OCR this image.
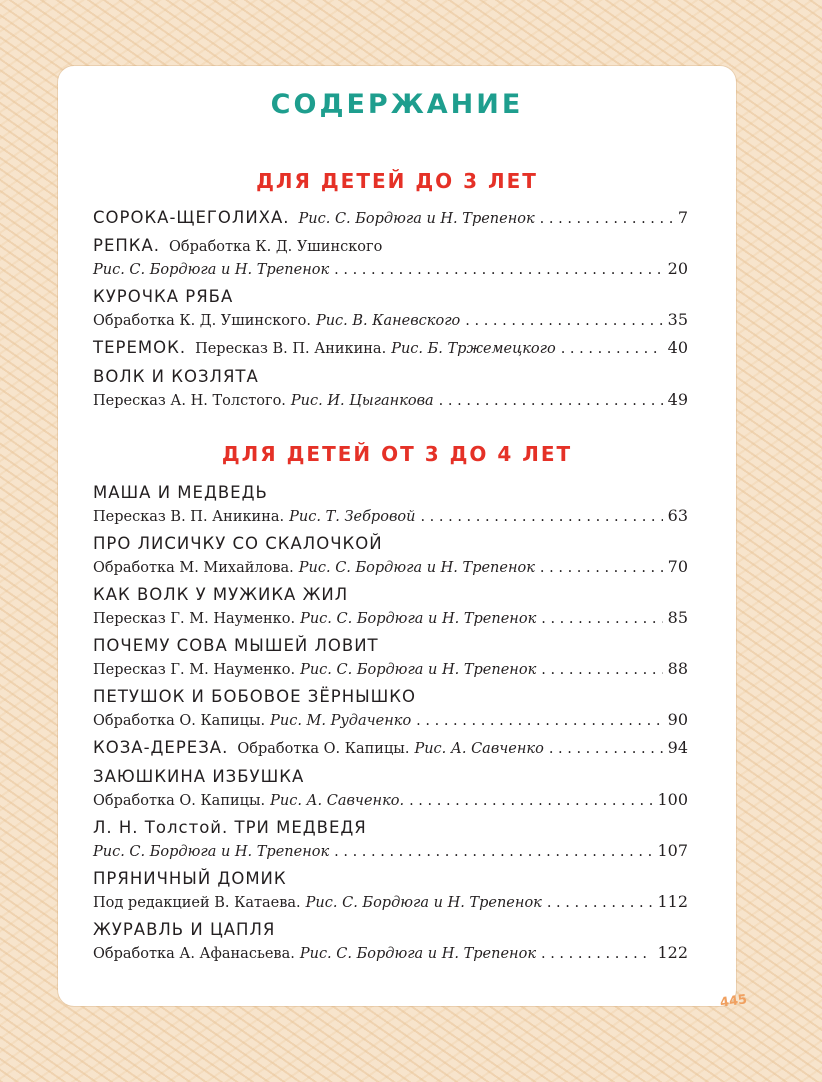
СОДЕРЖАНИЕ
ДЛЯ ДЕТЕЙ ДО 3 ЛЕТ
СОРОКА-ЩЕГОЛИХА. Рис. С. Бордюга и Н. Трепенок . . .	7
РЕПКА. Обработка К. Д. Ушинского
Рис. С. Бордюга и Н. Трепенок . . .	20
КУРОЧКА РЯБА
Обработка К. Д. Ушинского. Рис. В. Каневского . . .	35
ТЕРЕМОК. Пересказ В. П. Аникина. Рис. Б. Тржемецкого . . .	40
ВОЛК И КОЗЛЯТА
Пересказ А. Н. Толстого. Рис. И. Цыганкова . . .	49
ДЛЯ ДЕТЕЙ ОТ 3 ДО 4 ЛЕТ
МАША И МЕДВЕДЬ
Пересказ В. П. Аникина. Рис. Т. Зебровой . . .	63
ПРО ЛИСИЧКУ СО СКАЛОЧКОЙ
Обработка М. Михайлова. Рис. С. Бордюга и Н. Трепенок . . .	70
КАК ВОЛК У МУЖИКА ЖИЛ
Пересказ Г. М. Науменко. Рис. С. Бордюга и Н. Трепенок . . .	85
ПОЧЕМУ СОВА МЫШЕЙ ЛОВИТ
Пересказ Г. М. Науменко. Рис. С. Бордюга и Н. Трепенок . . .	88
ПЕТУШОК И БОБОВОЕ ЗЁРНЫШКО
Обработка О. Капицы. Рис. М. Рудаченко . . .	90
КОЗА-ДЕРЕЗА. Обработка О. Капицы. Рис. А. Савченко . . .	94
ЗАЮШКИНА ИЗБУШКА
Обработка О. Капицы. Рис. А. Савченко. . . .	100
Л. Н. Толстой. ТРИ МЕДВЕДЯ
Рис. С. Бордюга и Н. Трепенок . . .	107
ПРЯНИЧНЫЙ ДОМИК
Под редакцией В. Катаева. Рис. С. Бордюга и Н. Трепенок . . .	112
ЖУРАВЛЬ И ЦАПЛЯ
Обработка А. Афанасьева. Рис. С. Бордюга и Н. Трепенок . . .	122
445
